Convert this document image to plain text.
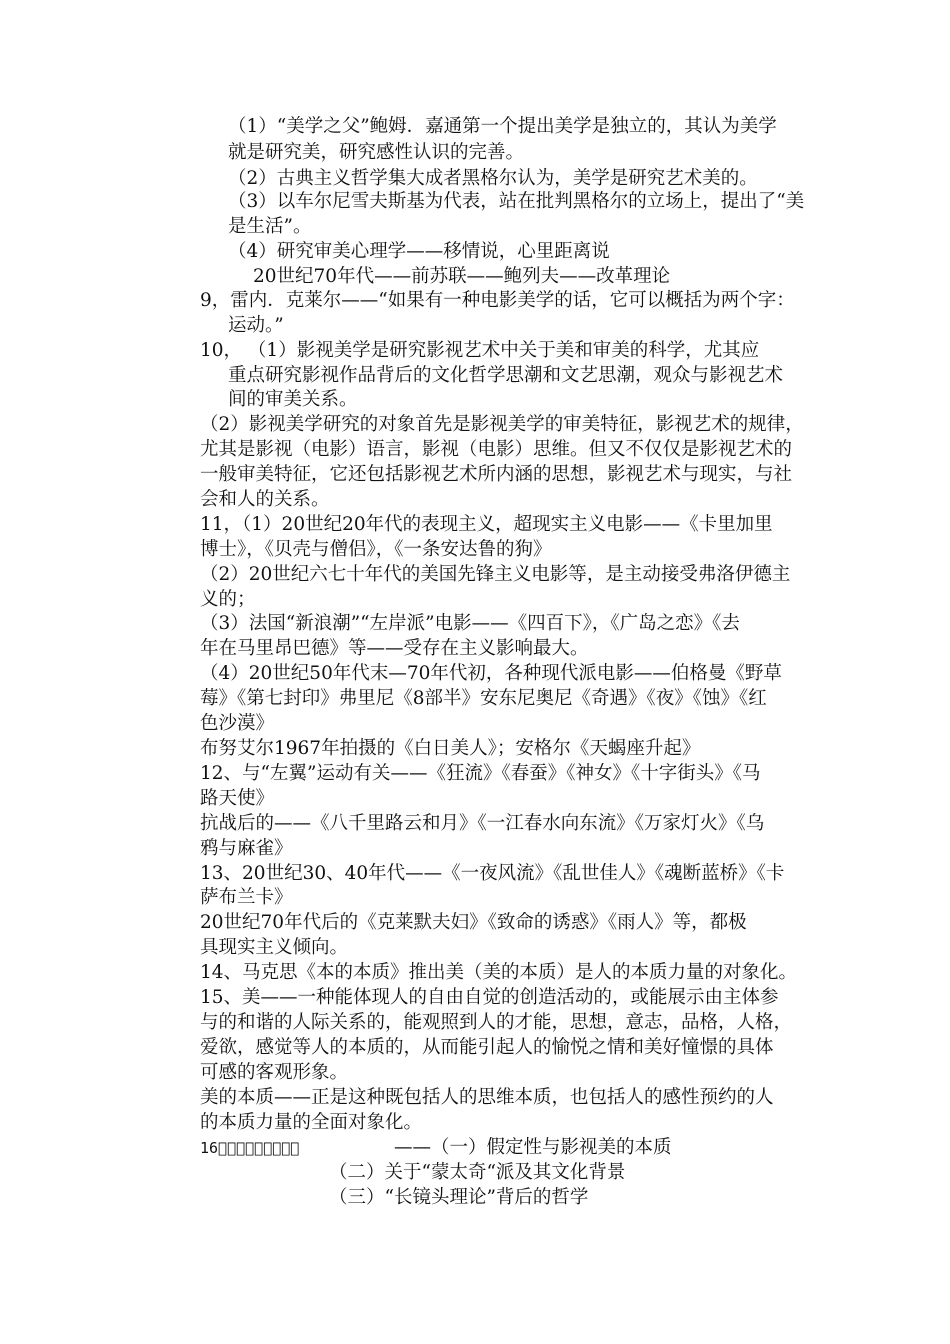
（1）“美学之父”鲍姆．嘉通第一个提出美学是独立的，其认为美学

就是研究美，研究感性认识的完善。

（2）古典主义哲学集大成者黑格尔认为，美学是研究艺术美的。

（3）以车尔尼雪夫斯基为代表，站在批判黑格尔的立场上，提出了“美

是生活”。

（4）研究审美心理学——移情说，心里距离说

20世纪70年代——前苏联——鲍列夫——改革理论

9，雷内．克莱尔——“如果有一种电影美学的话，它可以概括为两个字：

运动。”

10， （1）影视美学是研究影视艺术中关于美和审美的科学，尤其应

重点研究影视作品背后的文化哲学思潮和文艺思潮，观众与影视艺术

间的审美关系。

（2）影视美学研究的对象首先是影视美学的审美特征，影视艺术的规律，

尤其是影视（电影）语言，影视（电影）思维。但又不仅仅是影视艺术的

一般审美特征，它还包括影视艺术所内涵的思想，影视艺术与现实，与社

会和人的关系。

11，（1）20世纪20年代的表现主义，超现实主义电影——《卡里加里

博士》，《贝壳与僧侣》，《一条安达鲁的狗》

（2）20世纪六七十年代的美国先锋主义电影等，是主动接受弗洛伊德主

义的；

（3）法国“新浪潮”“左岸派”电影——《四百下》，《广岛之恋》《去

年在马里昂巴德》等——受存在主义影响最大。

（4）20世纪50年代末—70年代初，各种现代派电影——伯格曼《野草

莓》《第七封印》弗里尼《8部半》安东尼奥尼《奇遇》《夜》《蚀》《红

色沙漠》

布努艾尔1967年拍摄的《白日美人》；安格尔《天蝎座升起》

12、与“左翼”运动有关——《狂流》《春蚕》《神女》《十字街头》《马

路天使》

抗战后的——《八千里路云和月》《一江春水向东流》《万家灯火》《乌

鸦与麻雀》

13、20世纪30、40年代——《一夜风流》《乱世佳人》《魂断蓝桥》《卡

萨布兰卡》

20世纪70年代后的《克莱默夫妇》《致命的诱惑》《雨人》等，都极

具现实主义倾向。

14、马克思《本的本质》推出美（美的本质）是人的本质力量的对象化。

15、美——一种能体现人的自由自觉的创造活动的，或能展示由主体参

与的和谐的人际关系的，能观照到人的才能，思想，意志，品格，人格，

爱欲，感觉等人的本质的，从而能引起人的愉悦之情和美好憧憬的具体

可感的客观形象。

美的本质——正是这种既包括人的思维本质，也包括人的感性预约的人

的本质力量的全面对象化。

16         	——（一）假定性与影视美的本质

（二）关于“蒙太奇“派及其文化背景

（三）“长镜头理论”背后的哲学
